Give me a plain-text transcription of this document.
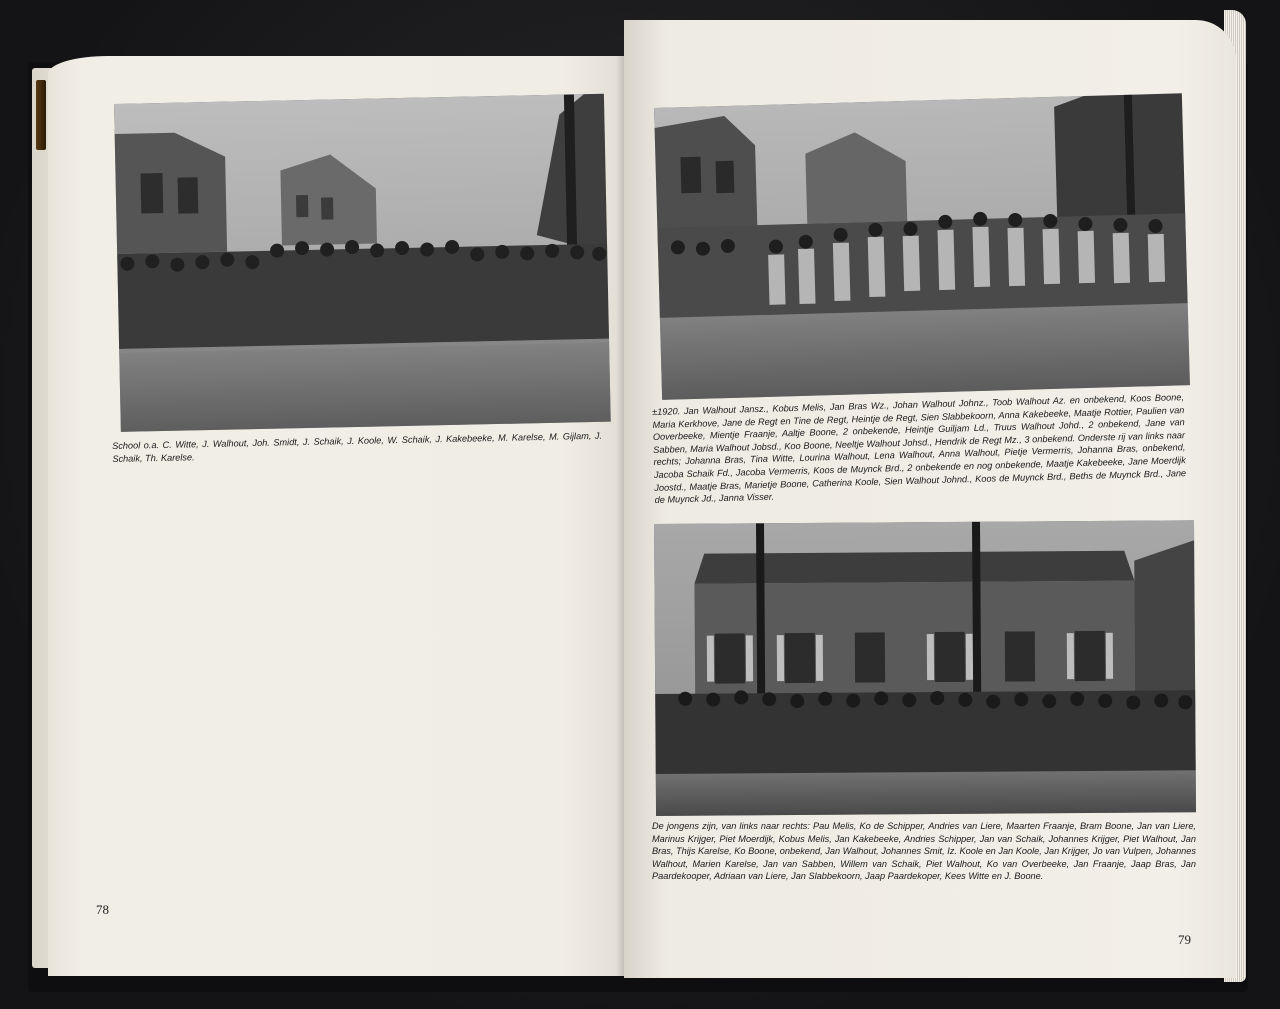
School o.a. C. Witte, J. Walhout, Joh. Smidt, J. Schaik, J. Koole, W. Schaik, J. Kakebeeke, M. Karelse, M. Gijlam, J. Schaik, Th. Karelse.

78

±1920. Jan Walhout Jansz., Kobus Melis, Jan Bras Wz., Johan Walhout Johnz., Toob Walhout Az. en onbekend, Koos Boone, Maria Kerkhove, Jane de Regt en Tine de Regt, Heintje de Regt, Sien Slabbekoorn, Anna Kakebeeke, Maatje Rottier, Paulien van Ooverbeeke, Mientje Fraanje, Aaltje Boone, 2 onbekende, Heintje Guiljam Ld., Truus Walhout Johd., 2 onbekend, Jane van Sabben, Maria Walhout Jobsd., Koo Boone, Neeltje Walhout Johsd., Hendrik de Regt Mz., 3 onbekend. Onderste rij van links naar rechts; Johanna Bras, Tina Witte, Lourina Walhout, Lena Walhout, Anna Walhout, Pietje Vermerris, Johanna Bras, onbekend, Jacoba Schaik Fd., Jacoba Vermerris, Koos de Muynck Brd., 2 onbekende en nog onbekende, Maatje Kakebeeke, Jane Moerdijk Joostd., Maatje Bras, Marietje Boone, Catherina Koole, Sien Walhout Johnd., Koos de Muynck Brd., Beths de Muynck Brd., Jane de Muynck Jd., Janna Visser.

De jongens zijn, van links naar rechts: Pau Melis, Ko de Schipper, Andries van Liere, Maarten Fraanje, Bram Boone, Jan van Liere, Marinus Krijger, Piet Moerdijk, Kobus Melis, Jan Kakebeeke, Andries Schipper, Jan van Schaik, Johannes Krijger, Piet Walhout, Jan Bras, Thijs Karelse, Ko Boone, onbekend, Jan Walhout, Johannes Smit, Iz. Koole en Jan Koole, Jan Krijger, Jo van Vulpen, Johannes Walhout, Marien Karelse, Jan van Sabben, Willem van Schaik, Piet Walhout, Ko van Overbeeke, Jan Fraanje, Jaap Bras, Jan Paardekooper, Adriaan van Liere, Jan Slabbekoorn, Jaap Paardekoper, Kees Witte en J. Boone.

79
